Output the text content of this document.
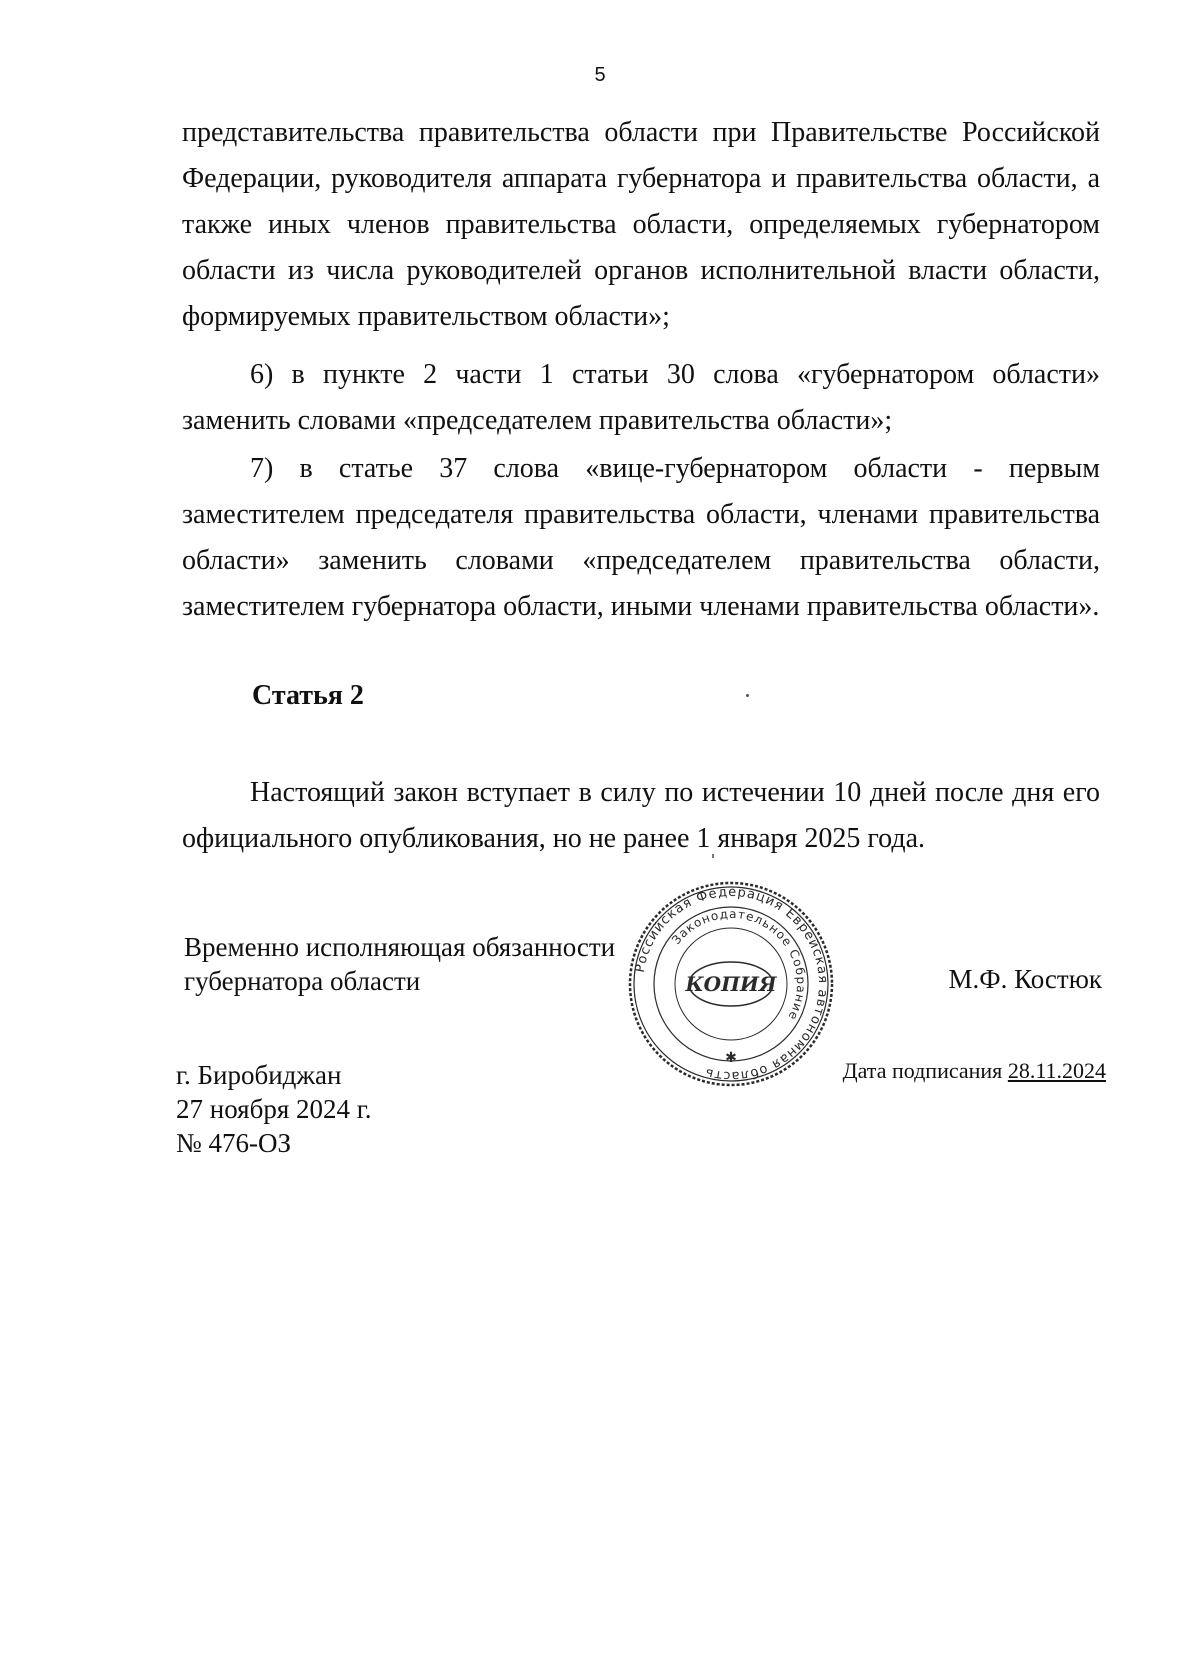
5

представительства правительства области при Правительстве Российской Федерации, руководителя аппарата губернатора и правительства области, а также иных членов правительства области, определяемых губернатором области из числа руководителей органов исполнительной власти области, формируемых правительством области»;

6) в пункте 2 части 1 статьи 30 слова «губернатором области» заменить словами «председателем правительства области»;

7) в статье 37 слова «вице-губернатором области - первым заместителем председателя правительства области, членами правительства области» заменить словами «председателем правительства области, заместителем губернатора области, иными членами правительства области».

Статья 2

Настоящий закон вступает в силу по истечении 10 дней после дня его официального опубликования, но не ранее 1 января 2025 года.

Временно исполняющая обязанности
губернатора области	Российская Федерация Еврейская автономная область
Законодательное Собрание
КОПИЯ
✱
М.Ф. Костюк
Дата подписания 28.11.2024
г. Биробиджан
27 ноября 2024 г.
№ 476-ОЗ
